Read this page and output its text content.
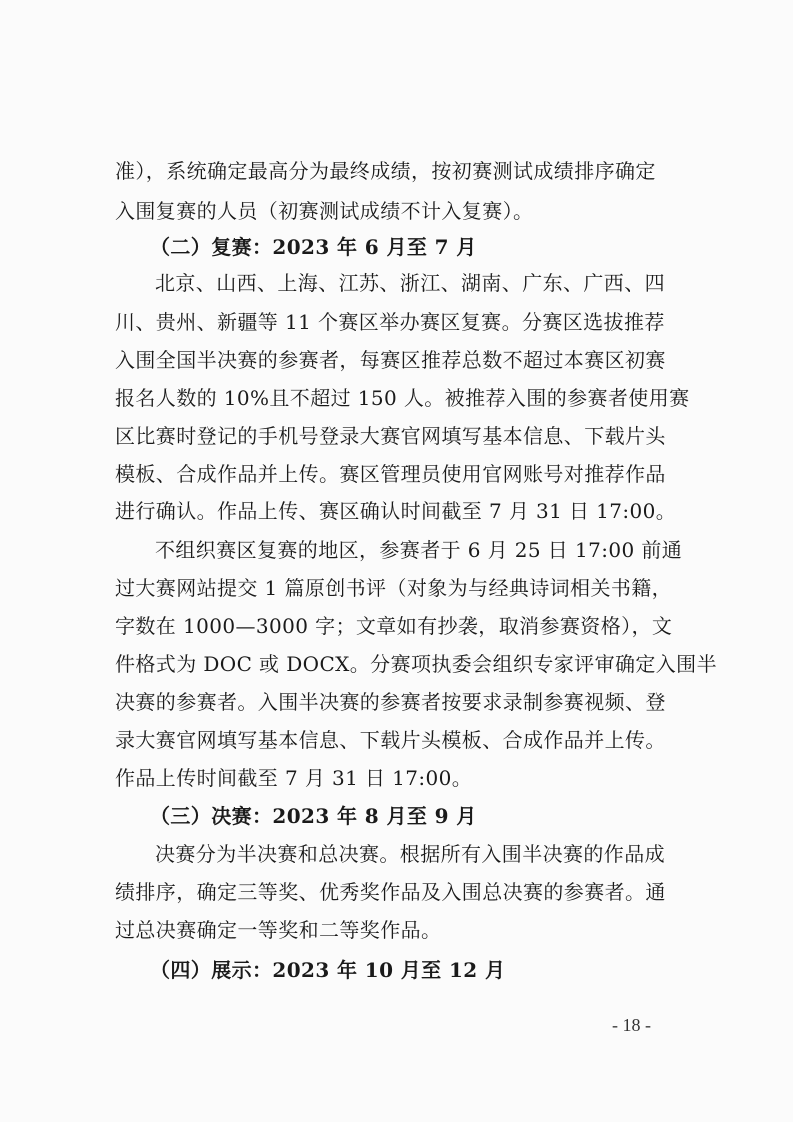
准），系统确定最高分为最终成绩，按初赛测试成绩排序确定

入围复赛的人员（初赛测试成绩不计入复赛）。

（二）复赛：2023 年 6 月至 7 月

北京、山西、上海、江苏、浙江、湖南、广东、广西、四

川、贵州、新疆等 11 个赛区举办赛区复赛。分赛区选拔推荐

入围全国半决赛的参赛者，每赛区推荐总数不超过本赛区初赛

报名人数的 10%且不超过 150 人。被推荐入围的参赛者使用赛

区比赛时登记的手机号登录大赛官网填写基本信息、下载片头

模板、合成作品并上传。赛区管理员使用官网账号对推荐作品

进行确认。作品上传、赛区确认时间截至 7 月 31 日 17:00。

不组织赛区复赛的地区，参赛者于 6 月 25 日 17:00 前通

过大赛网站提交 1 篇原创书评（对象为与经典诗词相关书籍，

字数在 1000—3000 字；文章如有抄袭，取消参赛资格），文

件格式为 DOC 或 DOCX。分赛项执委会组织专家评审确定入围半

决赛的参赛者。入围半决赛的参赛者按要求录制参赛视频、登

录大赛官网填写基本信息、下载片头模板、合成作品并上传。

作品上传时间截至 7 月 31 日 17:00。

（三）决赛：2023 年 8 月至 9 月

决赛分为半决赛和总决赛。根据所有入围半决赛的作品成

绩排序，确定三等奖、优秀奖作品及入围总决赛的参赛者。通

过总决赛确定一等奖和二等奖作品。

（四）展示：2023 年 10 月至 12 月

- 18 -
